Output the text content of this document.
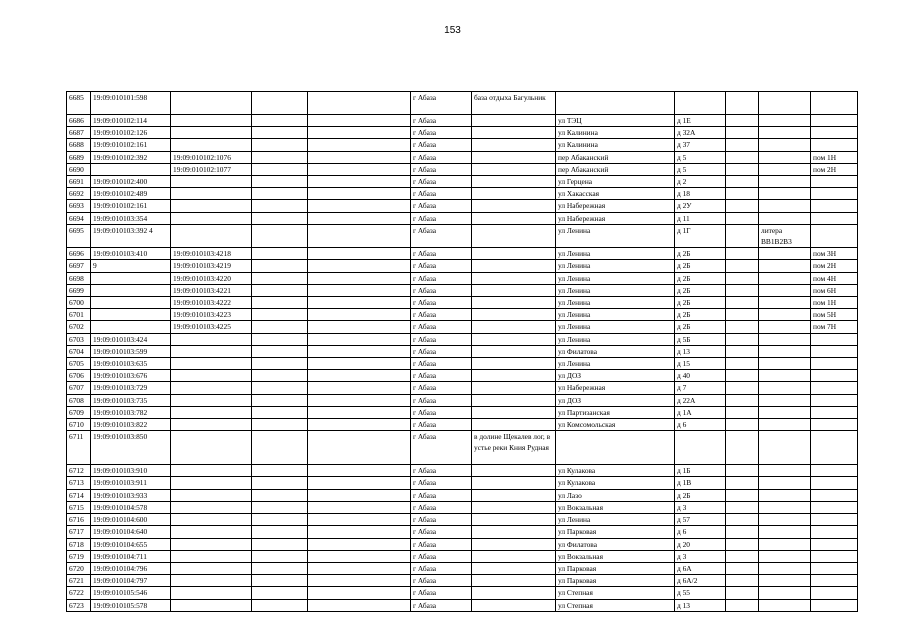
153
6685	19:09:010101:598				г Абаза	база отдыха Багульник					
6686	19:09:010102:114				г Абаза		ул ТЭЦ	д 1Е			
6687	19:09:010102:126				г Абаза		ул Калинина	д 32А			
6688	19:09:010102:161				г Абаза		ул Калинина	д 37			
6689	19:09:010102:392	19:09:010102:1076			г Абаза		пер Абаканский	д 5			пом 1Н
6690		19:09:010102:1077			г Абаза		пер Абаканский	д 5			пом 2Н
6691	19:09:010102:400				г Абаза		ул Герцена	д 2			
6692	19:09:010102:489				г Абаза		ул Хакасская	д 18			
6693	19:09:010102:161				г Абаза		ул Набережная	д 2У			
6694	19:09:010103:354				г Абаза		ул Набережная	д 11			
6695	19:09:010103:392 4				г Абаза		ул Ленина	д 1Г		литера ВВ1В2В3	
6696	19:09:010103:410	19:09:010103:4218			г Абаза		ул Ленина	д 2Б			пом 3Н
6697	9	19:09:010103:4219			г Абаза		ул Ленина	д 2Б			пом 2Н
6698		19:09:010103:4220			г Абаза		ул Ленина	д 2Б			пом 4Н
6699		19:09:010103:4221			г Абаза		ул Ленина	д 2Б			пом 6Н
6700		19:09:010103:4222			г Абаза		ул Ленина	д 2Б			пом 1Н
6701		19:09:010103:4223			г Абаза		ул Ленина	д 2Б			пом 5Н
6702		19:09:010103:4225			г Абаза		ул Ленина	д 2Б			пом 7Н
6703	19:09:010103:424				г Абаза		ул Ленина	д 5Б			
6704	19:09:010103:599				г Абаза		ул Филатова	д 13			
6705	19:09:010103:635				г Абаза		ул Ленина	д 15			
6706	19:09:010103:676				г Абаза		ул ДОЗ	д 40			
6707	19:09:010103:729				г Абаза		ул Набережная	д 7			
6708	19:09:010103:735				г Абаза		ул ДОЗ	д 22А			
6709	19:09:010103:782				г Абаза		ул Партизанская	д 1А			
6710	19:09:010103:822				г Абаза		ул Комсомольская	д 6			
6711	19:09:010103:850				г Абаза	в долине Щекалев лог, в устье реки Кния Рудная					
6712	19:09:010103:910				г Абаза		ул Кулакова	д 1Б			
6713	19:09:010103:911				г Абаза		ул Кулакова	д 1В			
6714	19:09:010103:933				г Абаза		ул Лазо	д 2Б			
6715	19:09:010104:578				г Абаза		ул Вокзальная	д 3			
6716	19:09:010104:600				г Абаза		ул Ленина	д 57			
6717	19:09:010104:640				г Абаза		ул Парковая	д 6			
6718	19:09:010104:655				г Абаза		ул Филатова	д 20			
6719	19:09:010104:711				г Абаза		ул Вокзальная	д 3			
6720	19:09:010104:796				г Абаза		ул Парковая	д 6А			
6721	19:09:010104:797				г Абаза		ул Парковая	д 6А/2			
6722	19:09:010105:546				г Абаза		ул Степная	д 55			
6723	19:09:010105:578				г Абаза		ул Степная	д 13			
